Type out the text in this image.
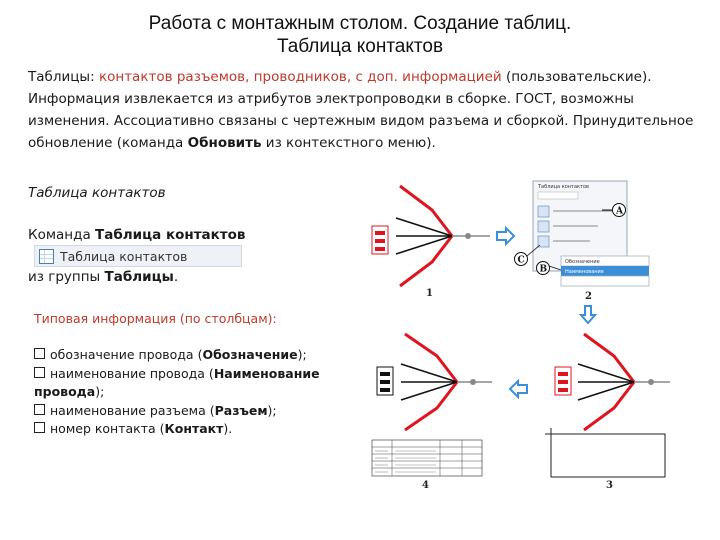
Работа с монтажным столом. Создание таблиц.
Таблица контактов
Таблицы: контактов разъемов, проводников, с доп. информацией (пользовательские). Информация извлекается из атрибутов электропроводки в сборке. ГОСТ, возможны изменения. Ассоциативно связаны с чертежным видом разъема и сборкой. Принудительное обновление (команда Обновить из контекстного меню).
Таблица контактов
Команда Таблица контактов
Таблица контактов
из группы Таблицы.
Типовая информация (по столбцам):
обозначение провода (Обозначение);
наименование провода (Наименование провода);
наименование разъема (Разъем);
номер контакта (Контакт).
1
Таблица контактов
A
Обозначение
Наименование
C
B
2
3
4
